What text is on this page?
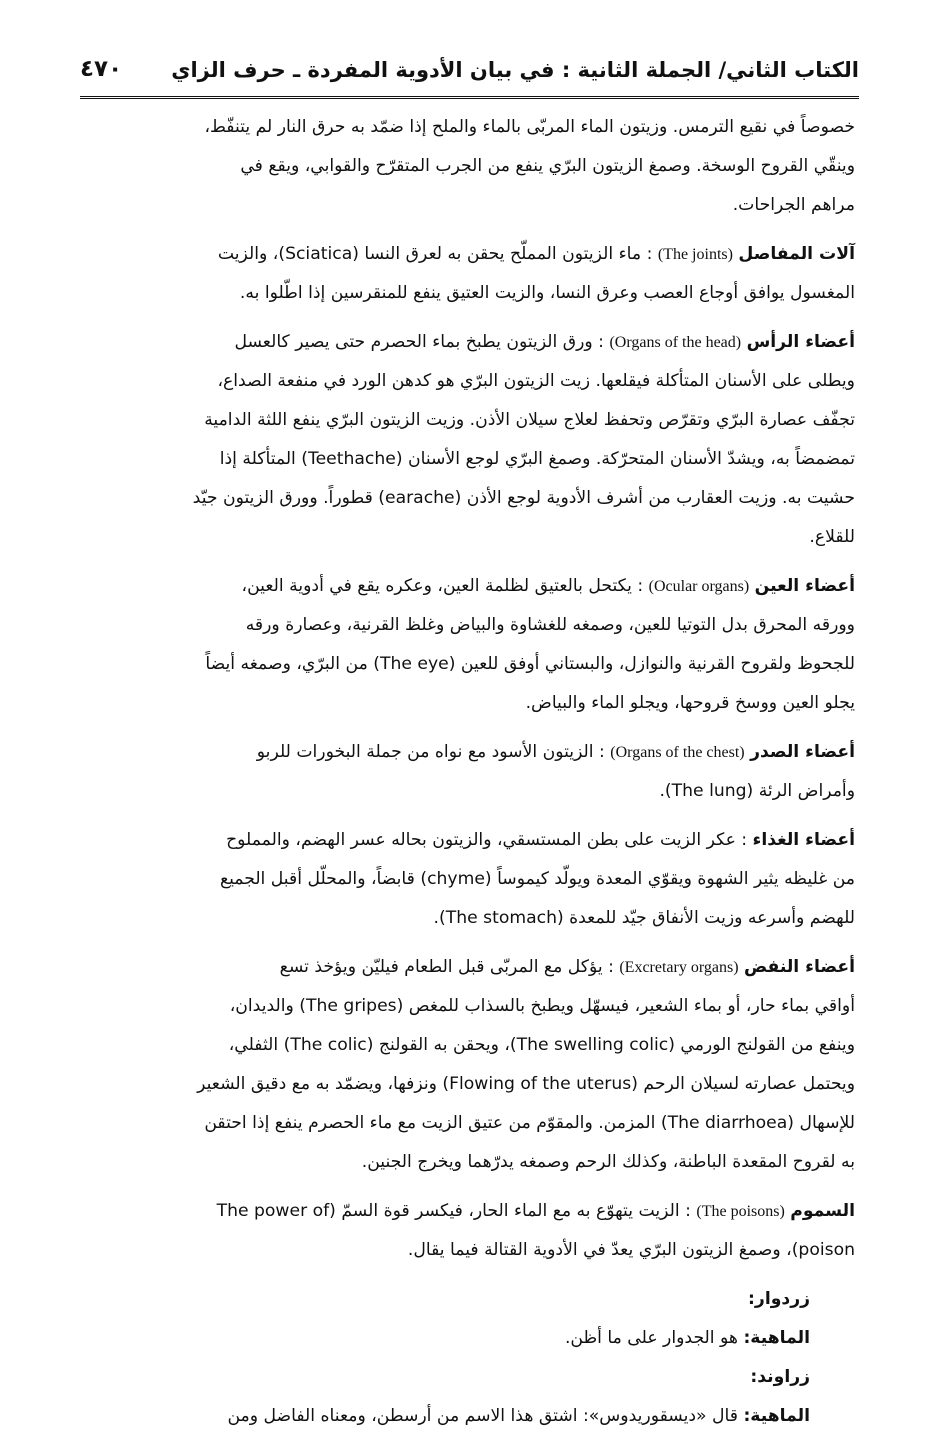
الكتاب الثاني/ الجملة الثانية : في بيان الأدوية المفردة ـ حرف الزاي
٤٧٠

خصوصاً في نقيع الترمس. وزيتون الماء المربّى بالماء والملح إذا ضمّد به حرق النار لم يتنفّط،
وينقّي القروح الوسخة. وصمغ الزيتون البرّي ينفع من الجرب المتقرّح والقوابي، ويقع في
مراهم الجراحات.

آلات المفاصل (The joints) : ماء الزيتون المملّح يحقن به لعرق النسا (Sciatica)، والزيت
المغسول يوافق أوجاع العصب وعرق النسا، والزيت العتيق ينفع للمنقرسين إذا اطّلوا به.

أعضاء الرأس (Organs of the head) : ورق الزيتون يطبخ بماء الحصرم حتى يصير كالعسل
ويطلى على الأسنان المتأكلة فيقلعها. زيت الزيتون البرّي هو كدهن الورد في منفعة الصداع،
تجفّف عصارة البرّي وتقرّص وتحفظ لعلاج سيلان الأذن. وزيت الزيتون البرّي ينفع اللثة الدامية
تمضمضاً به، ويشدّ الأسنان المتحرّكة. وصمغ البرّي لوجع الأسنان (Teethache) المتأكلة إذا
حشيت به. وزيت العقارب من أشرف الأدوية لوجع الأذن (earache) قطوراً. وورق الزيتون جيّد
للقلاع.

أعضاء العين (Ocular organs) : يكتحل بالعتيق لظلمة العين، وعكره يقع في أدوية العين،
وورقه المحرق بدل التوتيا للعين، وصمغه للغشاوة والبياض وغلظ القرنية، وعصارة ورقه
للجحوظ ولقروح القرنية والنوازل، والبستاني أوفق للعين (The eye) من البرّي، وصمغه أيضاً
يجلو العين ووسخ قروحها، ويجلو الماء والبياض.

أعضاء الصدر (Organs of the chest) : الزيتون الأسود مع نواه من جملة البخورات للربو
وأمراض الرئة (The lung).

أعضاء الغذاء : عكر الزيت على بطن المستسقي، والزيتون بحاله عسر الهضم، والمملوح
من غليظه يثير الشهوة ويقوّي المعدة ويولّد كيموساً (chyme) قابضاً، والمحلّل أقبل الجميع
للهضم وأسرعه وزيت الأنفاق جيّد للمعدة (The stomach).

أعضاء النفض (Excretary organs) : يؤكل مع المربّى قبل الطعام فيليّن ويؤخذ تسع
أواقي بماء حار، أو بماء الشعير، فيسهّل ويطبخ بالسذاب للمغص (The gripes) والديدان،
وينفع من القولنج الورمي (The swelling colic)، ويحقن به القولنج (The colic) الثفلي،
ويحتمل عصارته لسيلان الرحم (Flowing of the uterus) ونزفها، ويضمّد به مع دقيق الشعير
للإسهال (The diarrhoea) المزمن. والمقوّم من عتيق الزيت مع ماء الحصرم ينفع إذا احتقن
به لقروح المقعدة الباطنة، وكذلك الرحم وصمغه يدرّهما ويخرج الجنين.

السموم (The poisons) : الزيت يتهوّع به مع الماء الحار، فيكسر قوة السمّ (The power of
poison)، وصمغ الزيتون البرّي يعدّ في الأدوية القتالة فيما يقال.

زردوار:

الماهية: هو الجدوار على ما أظن.

زراوند:

الماهية: قال «ديسقوريدوس»: اشتق هذا الاسم من أرسطن، ومعناه الفاضل ومن
